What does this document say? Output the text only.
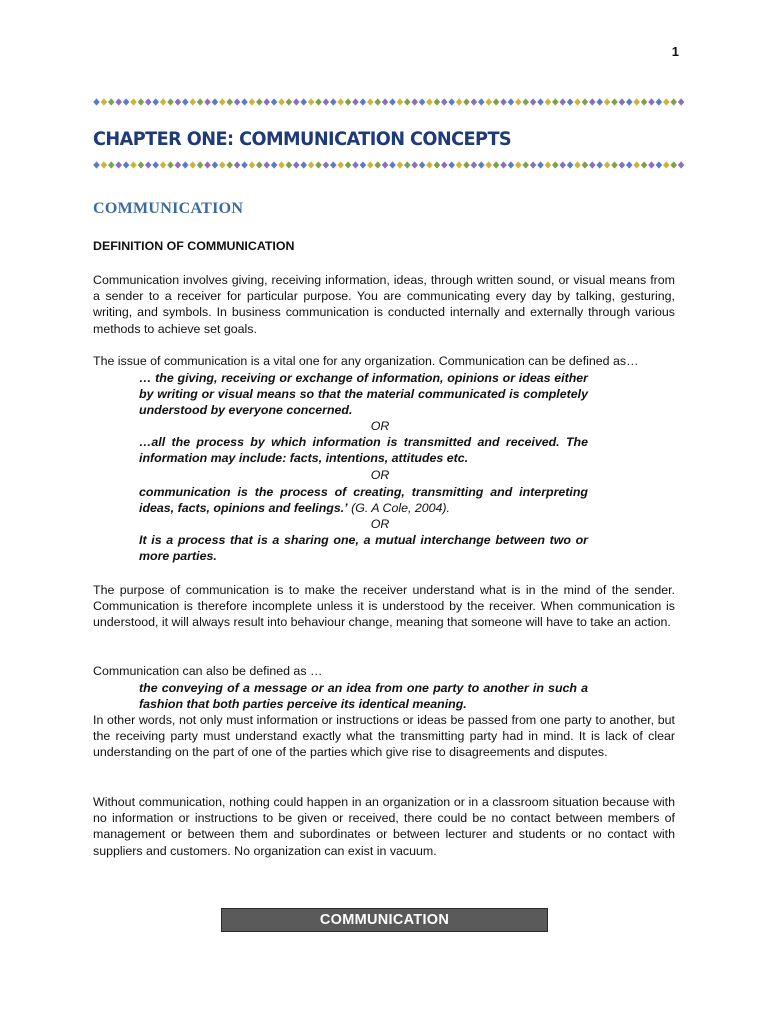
1
CHAPTER ONE: COMMUNICATION CONCEPTS
COMMUNICATION
DEFINITION OF COMMUNICATION
Communication involves giving, receiving information, ideas, through written sound, or visual means from a sender to a receiver for particular purpose. You are communicating every day by talking, gesturing, writing, and symbols. In business communication is conducted internally and externally through various methods to achieve set goals.
The issue of communication is a vital one for any organization. Communication can be defined as…
… the giving, receiving or exchange of information, opinions or ideas either by writing or visual means so that the material communicated is completely understood by everyone concerned.
OR
…all the process by which information is transmitted and received. The information may include: facts, intentions, attitudes etc.
OR
communication is the process of creating, transmitting and interpreting ideas, facts, opinions and feelings.’ (G. A Cole, 2004).
OR
It is a process that is a sharing one, a mutual interchange between two or more parties.
The purpose of communication is to make the receiver understand what is in the mind of the sender. Communication is therefore incomplete unless it is understood by the receiver. When communication is understood, it will always result into behaviour change, meaning that someone will have to take an action.
Communication can also be defined as …
the conveying of a message or an idea from one party to another in such a fashion that both parties perceive its identical meaning.
In other words, not only must information or instructions or ideas be passed from one party to another, but the receiving party must understand exactly what the transmitting party had in mind. It is lack of clear understanding on the part of one of the parties which give rise to disagreements and disputes.
Without communication, nothing could happen in an organization or in a classroom situation because with no information or instructions to be given or received, there could be no contact between members of management or between them and subordinates or between lecturer and students or no contact with suppliers and customers. No organization can exist in vacuum.
COMMUNICATION
